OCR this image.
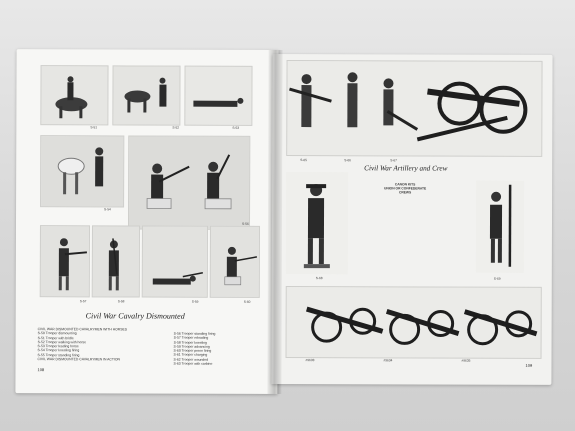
S-51	S-52	S-53
S-54
S-56
S-57	S-58	S-59	S-60
Civil War Cavalry Dismounted
CIVIL WAR DISMOUNTED CAVALRYMEN WITH HORSES
S-50 Trooper dismounting
S-51 Trooper with bridle
S-52 Trooper walking with horse
S-53 Trooper leading horse
S-54 Trooper kneeling firing
S-55 Trooper standing firing
CIVIL WAR DISMOUNTED CAVALRYMEN IN ACTION
S-56 Trooper standing firing
S-57 Trooper reloading
S-58 Trooper kneeling
S-59 Trooper advancing
S-60 Trooper prone firing
S-61 Trooper charging
S-62 Trooper wounded
S-63 Trooper with carbine
108
S-65	S-66	S-67
Civil War Artillery and Crew
S-68
CANON KITS
UNION OR CONFEDERATE
CREWS
S-69
#9633	#9634	#9635
109
